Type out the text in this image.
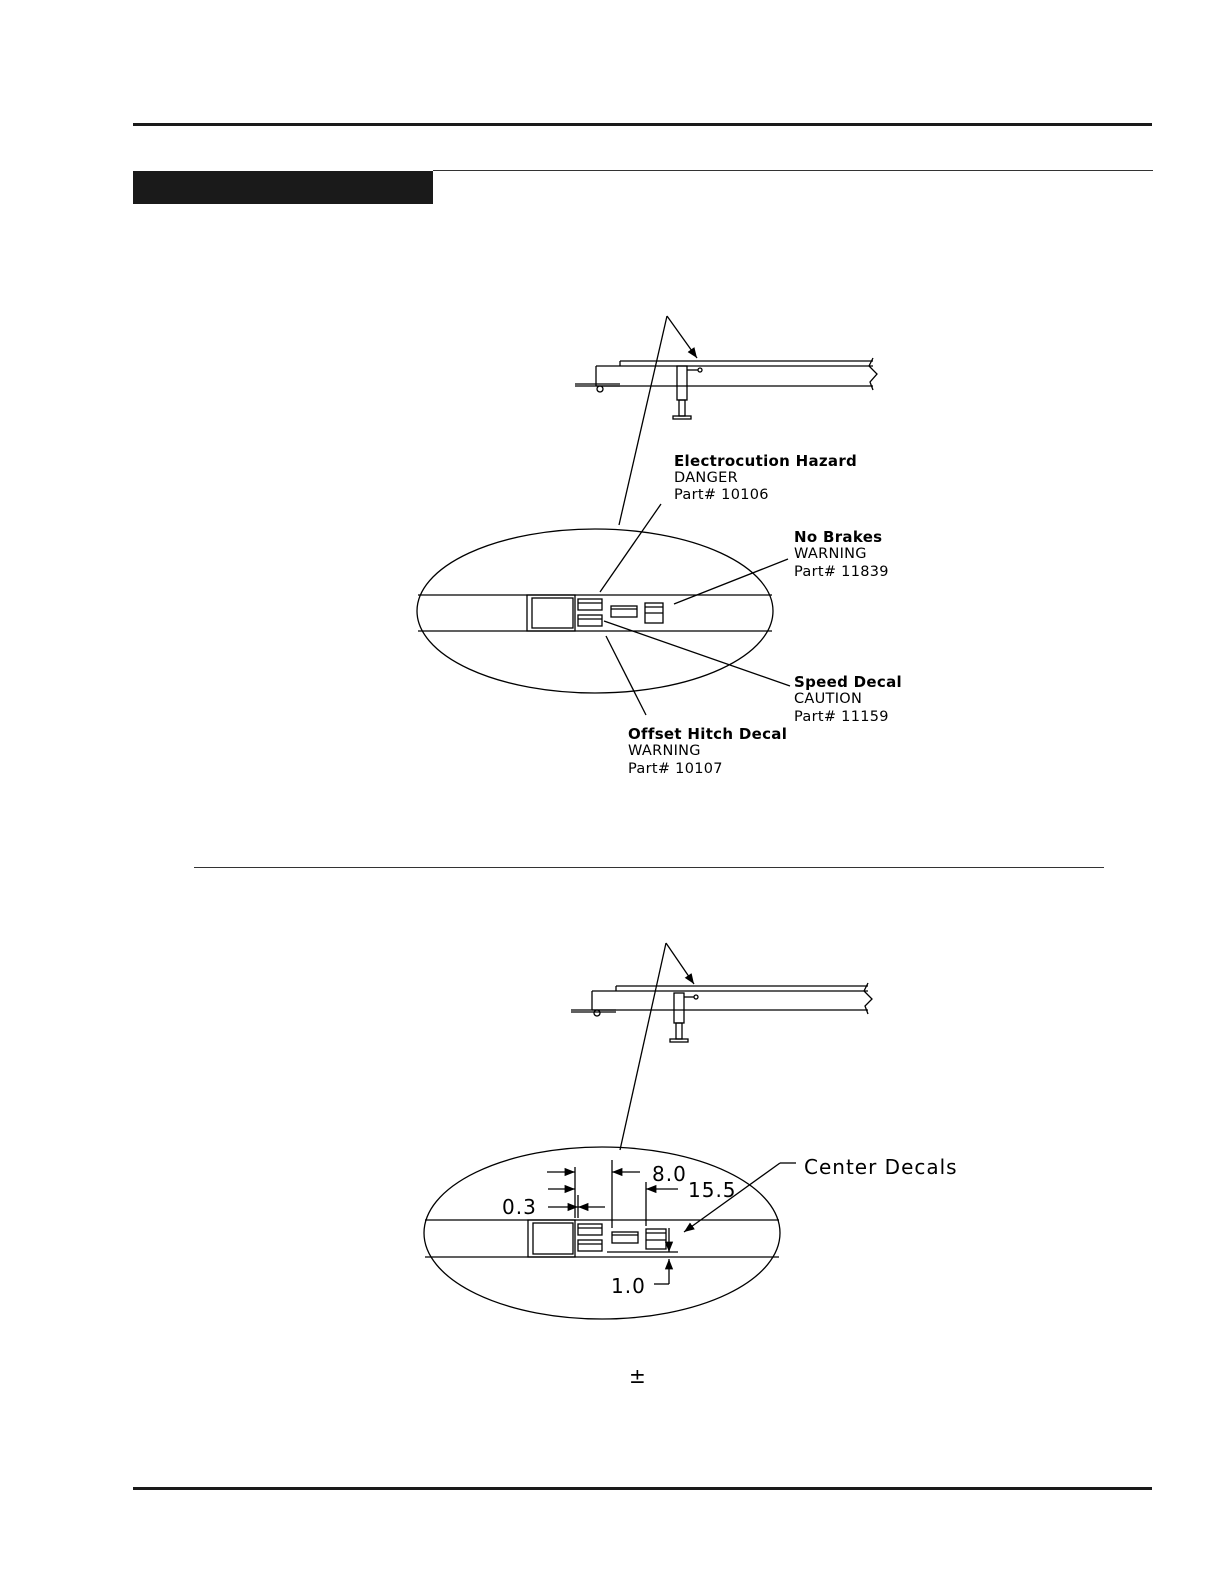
Electrocution Hazard
DANGER
Part# 10106
No Brakes
WARNING
Part# 11839
Speed Decal
CAUTION
Part# 11159
Offset Hitch Decal
WARNING
Part# 10107
8.0
15.5
0.3
1.0
Center Decals
±
